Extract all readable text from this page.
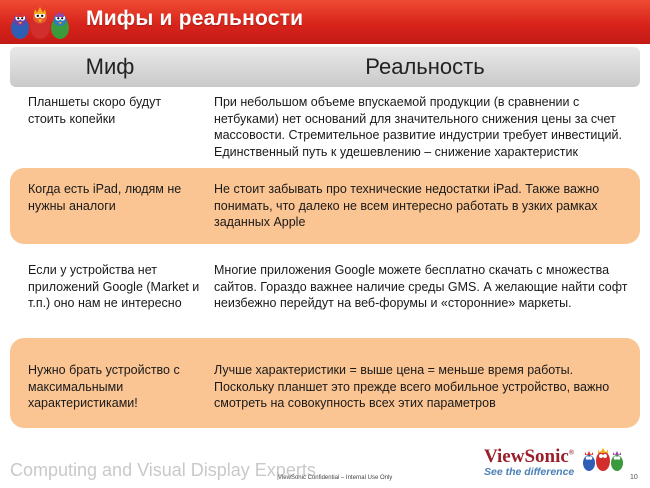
Мифы и реальности
Миф	Реальность
Планшеты скоро будут стоить копейки
При небольшом объеме впускаемой продукции (в сравнении с нетбуками) нет оснований для значительного снижения цены за счет массовости. Стремительное развитие индустрии требует инвестиций. Единственный путь к удешевлению – снижение характеристик
Когда есть iPad, людям не нужны аналоги
Не стоит забывать про технические недостатки iPad. Также важно понимать, что далеко не всем интересно работать в узких рамках заданных Apple
Если у устройства нет приложений Google (Market и т.п.) оно нам не интересно
Многие приложения Google можете бесплатно скачать с множества сайтов. Гораздо важнее наличие среды GMS. А желающие найти софт неизбежно перейдут на веб-форумы и «сторонние» маркеты.
Нужно брать устройство с максимальными характеристиками!
Лучше характеристики = выше цена = меньше время работы. Поскольку планшет это прежде всего мобильное устройство, важно смотреть на совокупность всех этих параметров
Computing and Visual Display Experts
ViewSonic Confidential – Internal Use Only
ViewSonic®
See the difference	10
